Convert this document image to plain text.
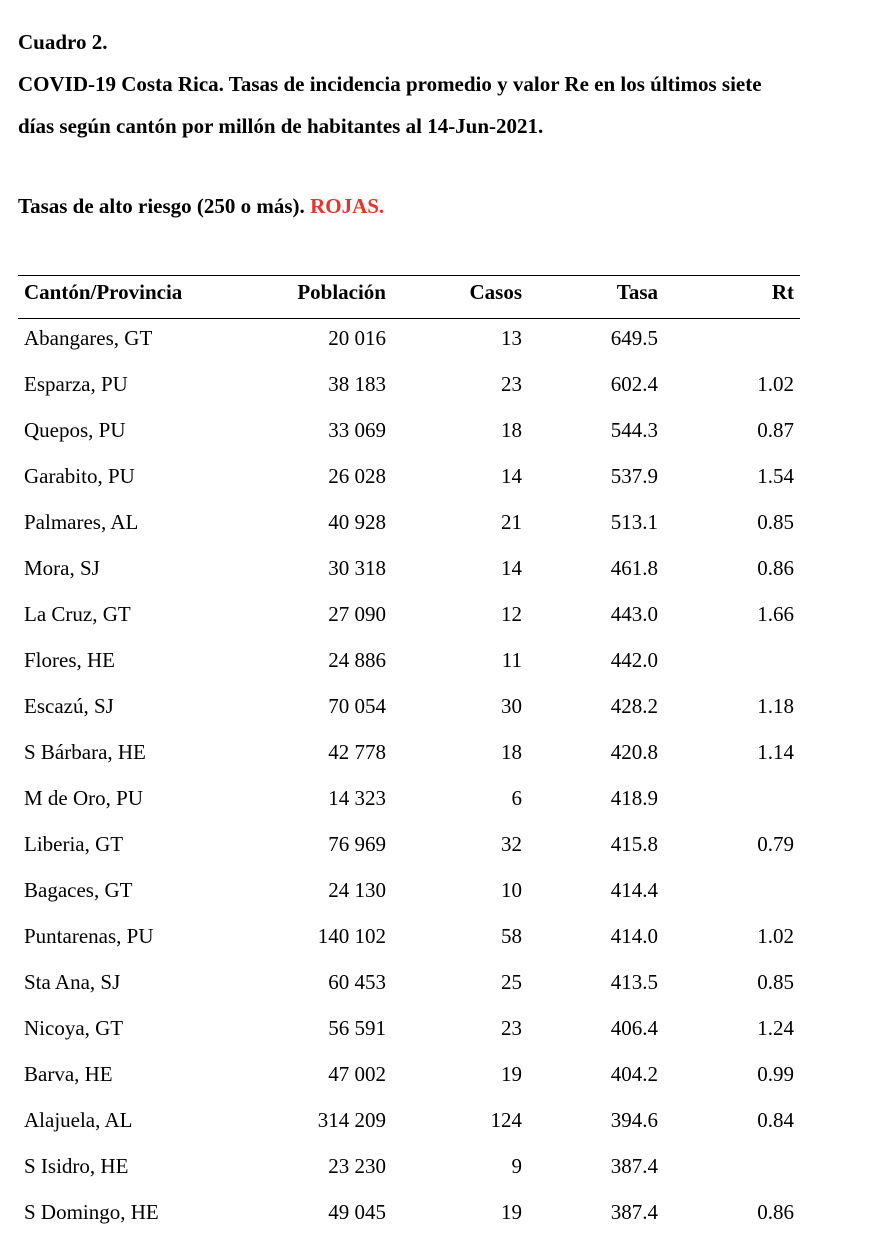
Cuadro 2.
COVID-19 Costa Rica. Tasas de incidencia promedio y valor Re en los últimos siete
días según cantón por millón de habitantes al 14-Jun-2021.
Tasas de alto riesgo (250 o más). ROJAS.
Cantón/Provincia	Población	Casos	Tasa	Rt
Abangares, GT	20 016	13	649.5
Esparza, PU	38 183	23	602.4	1.02
Quepos, PU	33 069	18	544.3	0.87
Garabito, PU	26 028	14	537.9	1.54
Palmares, AL	40 928	21	513.1	0.85
Mora, SJ	30 318	14	461.8	0.86
La Cruz, GT	27 090	12	443.0	1.66
Flores, HE	24 886	11	442.0
Escazú, SJ	70 054	30	428.2	1.18
S Bárbara, HE	42 778	18	420.8	1.14
M de Oro, PU	14 323	6	418.9
Liberia, GT	76 969	32	415.8	0.79
Bagaces, GT	24 130	10	414.4
Puntarenas, PU	140 102	58	414.0	1.02
Sta Ana, SJ	60 453	25	413.5	0.85
Nicoya, GT	56 591	23	406.4	1.24
Barva, HE	47 002	19	404.2	0.99
Alajuela, AL	314 209	124	394.6	0.84
S Isidro, HE	23 230	9	387.4
S Domingo, HE	49 045	19	387.4	0.86
